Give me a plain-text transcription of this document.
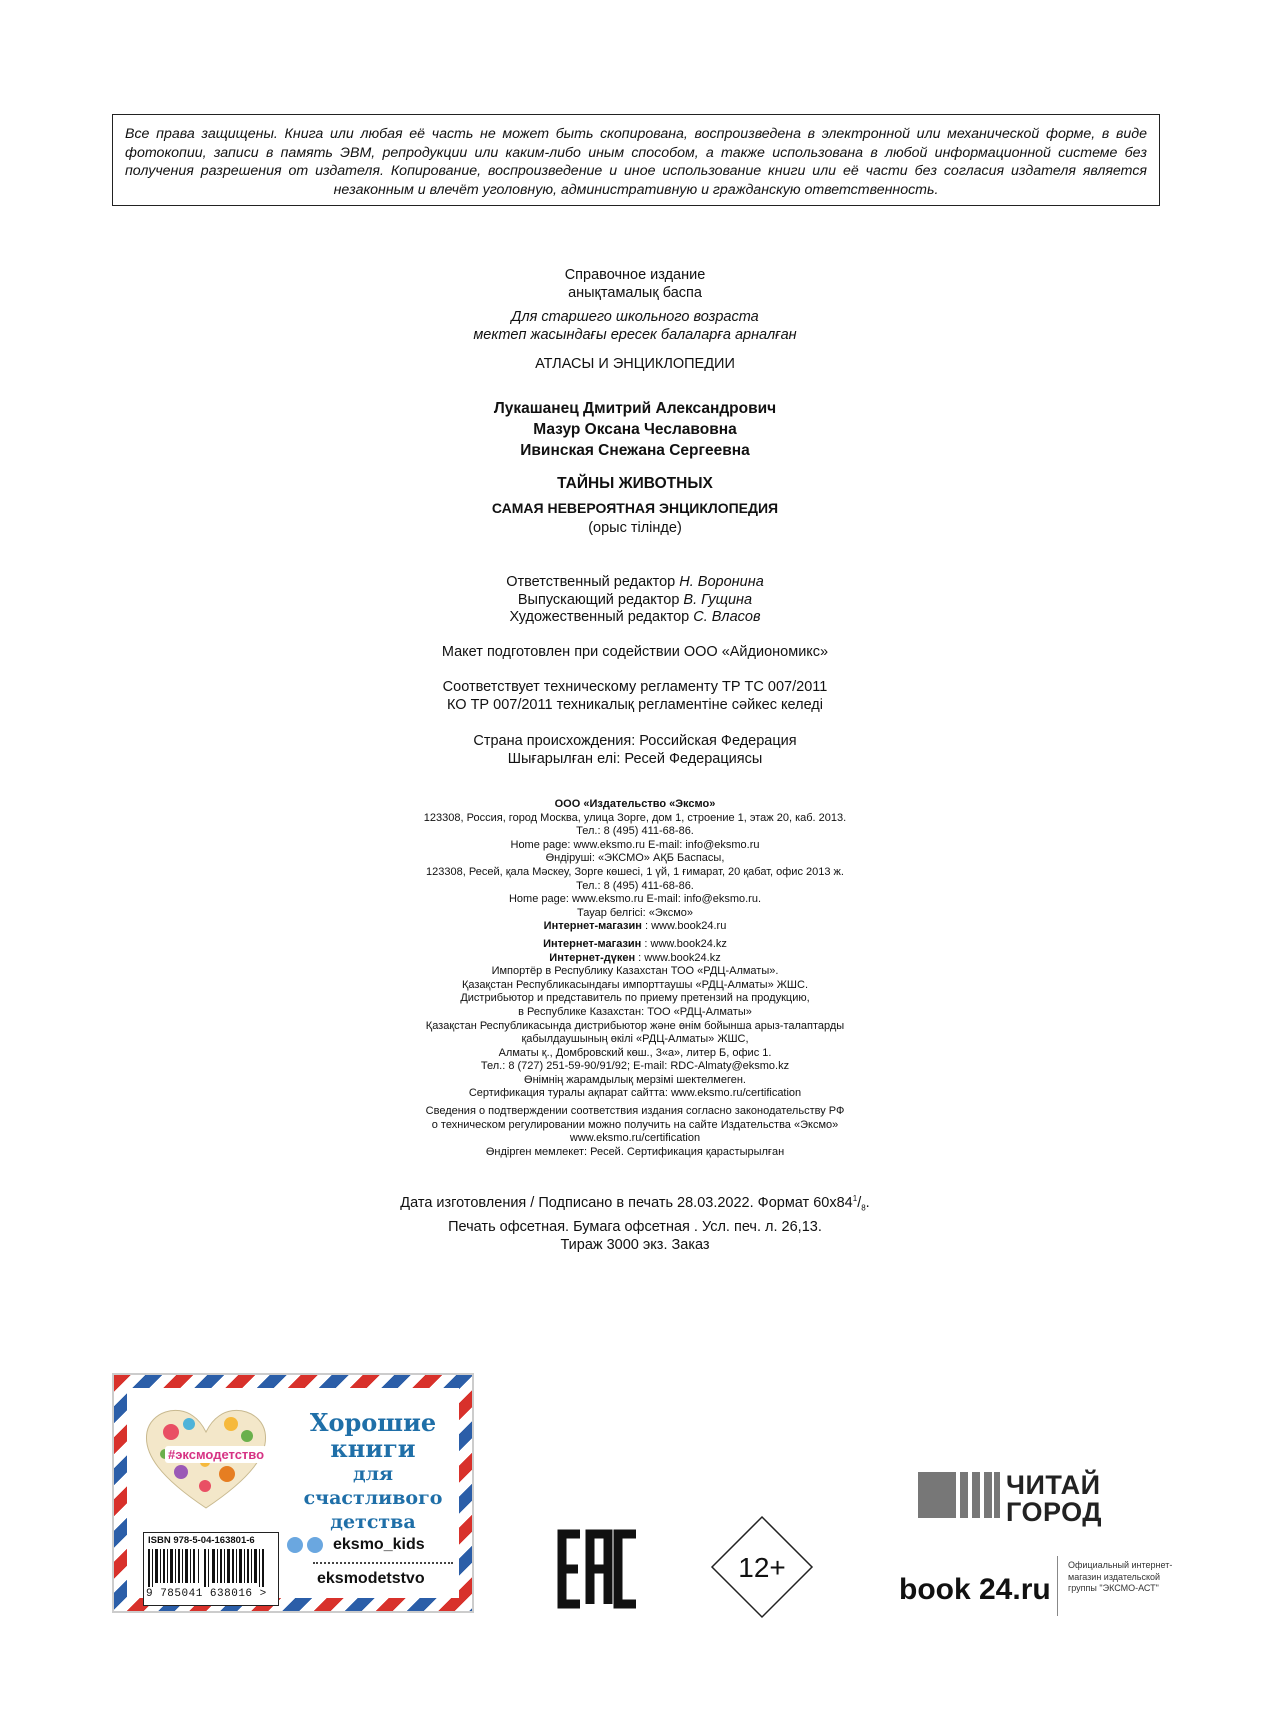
Все права защищены. Книга или любая её часть не может быть скопирована, воспроизведена в электронной или механической форме, в виде фотокопии, записи в память ЭВМ, репродукции или каким-либо иным способом, а также использована в любой информационной системе без получения разрешения от издателя. Копирование, воспроизведение и иное использование книги или её части без согласия издателя является незаконным и влечёт уголовную, административную и гражданскую ответственность.

Справочное издание
анықтамалық баспа
Для старшего школьного возраста
мектеп жасындағы ересек балаларға арналған
АТЛАСЫ И ЭНЦИКЛОПЕДИИ
Лукашанец Дмитрий Александрович
Мазур Оксана Чеславовна
Ивинская Снежана Сергеевна
ТАЙНЫ ЖИВОТНЫХ
САМАЯ НЕВЕРОЯТНАЯ ЭНЦИКЛОПЕДИЯ
(орыс тілінде)
Ответственный редактор Н. Воронина
Выпускающий редактор В. Гущина
Художественный редактор С. Власов
Макет подготовлен при содействии ООО «Айдиономикс»
Соответствует техническому регламенту ТР ТС 007/2011
КО ТР 007/2011 техникалық регламентіне сәйкес келеді
Страна происхождения: Российская Федерация
Шығарылған елі: Ресей Федерациясы
ООО «Издательство «Эксмо»
123308, Россия, город Москва, улица Зорге, дом 1, строение 1, этаж 20, каб. 2013.
Тел.: 8 (495) 411-68-86.
Home page: www.eksmo.ru E-mail: info@eksmo.ru
Өндіруші: «ЭКСМО» АҚБ Баспасы,
123308, Ресей, қала Мәскеу, Зорге көшесі, 1 үй, 1 ғимарат, 20 қабат, офис 2013 ж.
Тел.: 8 (495) 411-68-86.
Home page: www.eksmo.ru E-mail: info@eksmo.ru.
Тауар белгісі: «Эксмо»
Интернет-магазин : www.book24.ru
Интернет-магазин : www.book24.kz
Интернет-дүкен : www.book24.kz
Импортёр в Республику Казахстан ТОО «РДЦ-Алматы».
Қазақстан Республикасындағы импорттаушы «РДЦ-Алматы» ЖШС.
Дистрибьютор и представитель по приему претензий на продукцию,
в Республике Казахстан: ТОО «РДЦ-Алматы»
Қазақстан Республикасында дистрибьютор және өнім бойынша арыз-талаптарды
қабылдаушының өкілі «РДЦ-Алматы» ЖШС,
Алматы қ., Домбровский көш., 3«а», литер Б, офис 1.
Тел.: 8 (727) 251-59-90/91/92; E-mail: RDC-Almaty@eksmo.kz
Өнімнің жарамдылық мерзімі шектелмеген.
Сертификация туралы ақпарат сайтта: www.eksmo.ru/certification
Сведения о подтверждении соответствия издания согласно законодательству РФ
о техническом регулировании можно получить на сайте Издательства «Эксмо»
www.eksmo.ru/certification
Өндірген мемлекет: Ресей. Сертификация қарастырылған
Дата изготовления / Подписано в печать 28.03.2022. Формат $60х84^1/_8$.
Печать офсетная. Бумага офсетная . Усл. печ. л. 26,13.
Тираж 3000 экз. Заказ
#эксмодетство
Хорошие
книги
для счастливого
детства
ISBN 978-5-04-163801-6
9 785041 638016 >
eksmo_kids
eksmodetstvo	12+
ЧИТАЙ
ГОРОД
book 24.ru
Официальный интернет-магазин издательской группы "ЭКСМО-АСТ"
